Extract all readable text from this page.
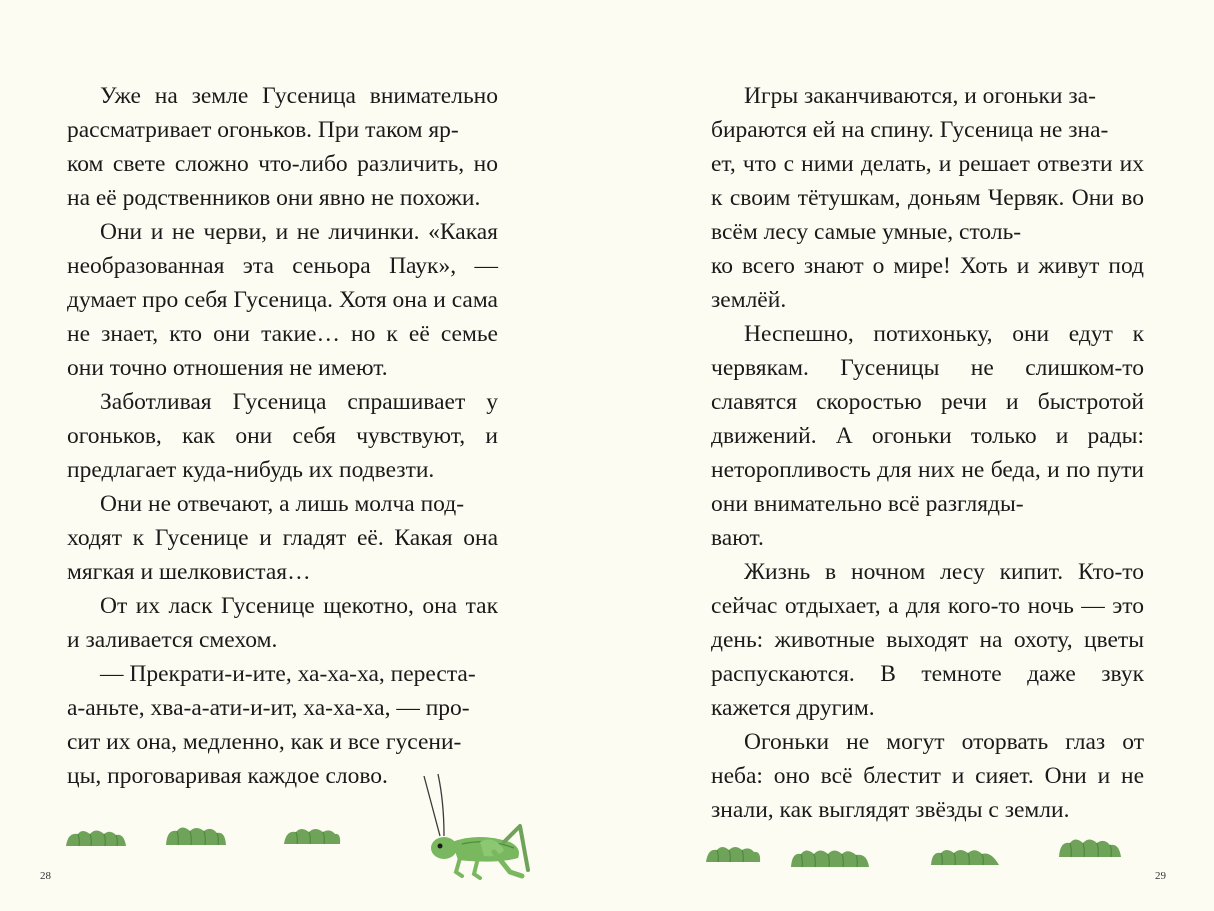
Уже на земле Гусеница внимательно рассматривает огоньков. При таком яр-
ком свете сложно что-либо различить, но на её родственников они явно не похожи.

Они и не черви, и не личинки. «Какая необразованная эта сеньора Паук», — думает про себя Гусеница. Хотя она и сама не знает, кто они такие… но к её семье они точно отношения не имеют.

Заботливая Гусеница спрашивает у огоньков, как они себя чувствуют, и предлагает куда-нибудь их подвезти.

Они не отвечают, а лишь молча под-
ходят к Гусенице и гладят её. Какая она мягкая и шелковистая…

От их ласк Гусенице щекотно, она так и заливается смехом.

— Прекрати-и-ите, ха-ха-ха, переста-
а-аньте, хва-а-ати-и-ит, ха-ха-ха, — про-
сит их она, медленно, как и все гусени-
цы, проговаривая каждое слово.

28

Игры заканчиваются, и огоньки за-
бираются ей на спину. Гусеница не зна-
ет, что с ними делать, и решает отвезти их к своим тётушкам, доньям Червяк. Они во всём лесу самые умные, столь-
ко всего знают о мире! Хоть и живут под землёй.

Неспешно, потихоньку, они едут к червякам. Гусеницы не слишком-то славятся скоростью речи и быстротой движений. А огоньки только и рады: неторопливость для них не беда, и по пути они внимательно всё разгляды-
вают.

Жизнь в ночном лесу кипит. Кто-то сейчас отдыхает, а для кого-то ночь — это день: животные выходят на охоту, цветы распускаются. В темноте даже звук кажется другим.

Огоньки не могут оторвать глаз от неба: оно всё блестит и сияет. Они и не знали, как выглядят звёзды с земли.

29
